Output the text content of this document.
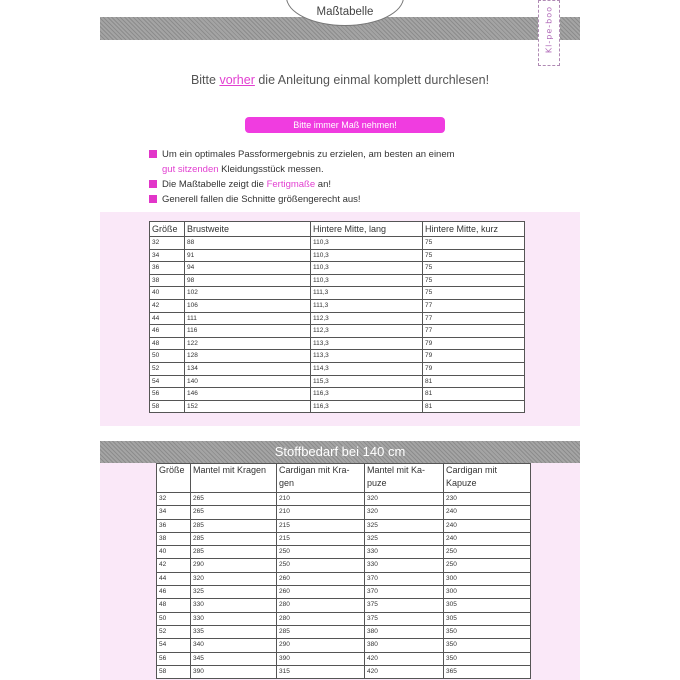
Maßtabelle	Kl-pe-boo
Bitte vorher die Anleitung einmal komplett durchlesen!
Bitte immer Maß nehmen!
Um ein optimales Passformergebnis zu erzielen, am besten an einem
gut sitzenden Kleidungsstück messen.
Die Maßtabelle zeigt die Fertigmaße an!
Generell fallen die Schnitte größengerecht aus!
Größe	Brustweite	Hintere Mitte, lang	Hintere Mitte, kurz
32	88	110,3	75
34	91	110,3	75
36	94	110,3	75
38	98	110,3	75
40	102	111,3	75
42	106	111,3	77
44	111	112,3	77
46	116	112,3	77
48	122	113,3	79
50	128	113,3	79
52	134	114,3	79
54	140	115,3	81
56	146	116,3	81
58	152	116,3	81
Stoffbedarf bei 140 cm
Größe	Mantel mit Kragen	Cardigan mit Kra-gen	Mantel mit Ka-puze	Cardigan mit Kapuze
32	265	210	320	230
34	265	210	320	240
36	285	215	325	240
38	285	215	325	240
40	285	250	330	250
42	290	250	330	250
44	320	260	370	300
46	325	260	370	300
48	330	280	375	305
50	330	280	375	305
52	335	285	380	350
54	340	290	380	350
56	345	390	420	350
58	390	315	420	365
